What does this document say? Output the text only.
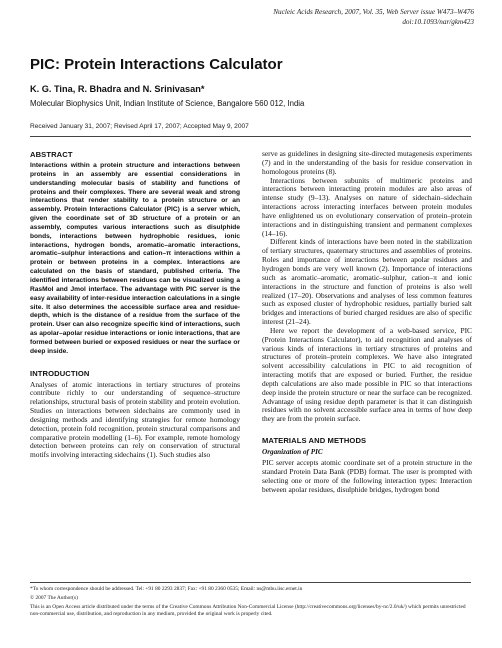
Nucleic Acids Research, 2007, Vol. 35, Web Server issue W473–W476
doi:10.1093/nar/gkm423
PIC: Protein Interactions Calculator
K. G. Tina, R. Bhadra and N. Srinivasan*
Molecular Biophysics Unit, Indian Institute of Science, Bangalore 560 012, India
Received January 31, 2007; Revised April 17, 2007; Accepted May 9, 2007

ABSTRACT

Interactions within a protein structure and interactions between proteins in an assembly are essential considerations in understanding molecular basis of stability and functions of proteins and their complexes. There are several weak and strong interactions that render stability to a protein structure or an assembly. Protein Interactions Calculator (PIC) is a server which, given the coordinate set of 3D structure of a protein or an assembly, computes various interactions such as disulphide bonds, interactions between hydrophobic residues, ionic interactions, hydrogen bonds, aromatic–aromatic interactions, aromatic–sulphur interactions and cation–π interactions within a protein or between proteins in a complex. Interactions are calculated on the basis of standard, published criteria. The identified interactions between residues can be visualized using a RasMol and Jmol interface. The advantage with PIC server is the easy availability of inter-residue interaction calculations in a single site. It also determines the accessible surface area and residue-depth, which is the distance of a residue from the surface of the protein. User can also recognize specific kind of interactions, such as apolar–apolar residue interactions or ionic interactions, that are formed between buried or exposed residues or near the surface or deep inside.

INTRODUCTION

Analyses of atomic interactions in tertiary structures of proteins contribute richly to our understanding of sequence–structure relationships, structural basis of protein stability and protein evolution. Studies on interactions between sidechains are commonly used in designing methods and identifying strategies for remote homology detection, protein fold recognition, protein structural comparisons and comparative protein modelling (1–6). For example, remote homology detection between proteins can rely on conservation of structural motifs involving interacting sidechains (1). Such studies also

serve as guidelines in designing site-directed mutagenesis experiments (7) and in the understanding of the basis for residue conservation in homologous proteins (8).

Interactions between subunits of multimeric proteins and interactions between interacting protein modules are also areas of intense study (9–13). Analyses on nature of sidechain–sidechain interactions across interacting interfaces between protein modules have enlightened us on evolutionary conservation of protein–protein interactions and in distinguishing transient and permanent complexes (14–16).

Different kinds of interactions have been noted in the stabilization of tertiary structures, quaternary structures and assemblies of proteins. Roles and importance of interactions between apolar residues and hydrogen bonds are very well known (2). Importance of interactions such as aromatic–aromatic, aromatic–sulphur, cation–π and ionic interactions in the structure and function of proteins is also well realized (17–20). Observations and analyses of less common features such as exposed cluster of hydrophobic residues, partially buried salt bridges and interactions of buried charged residues are also of specific interest (21–24).

Here we report the development of a web-based service, PIC (Protein Interactions Calculator), to aid recognition and analyses of various kinds of interactions in tertiary structures of proteins and structures of protein–protein complexes. We have also integrated solvent accessibility calculations in PIC to aid recognition of interacting motifs that are exposed or buried. Further, the residue depth calculations are also made possible in PIC so that interactions deep inside the protein structure or near the surface can be recognized. Advantage of using residue depth parameter is that it can distinguish residues with no solvent accessible surface area in terms of how deep they are from the protein surface.

MATERIALS AND METHODS

Organization of PIC

PIC server accepts atomic coordinate set of a protein structure in the standard Protein Data Bank (PDB) format. The user is prompted with selecting one or more of the following interaction types: Interaction between apolar residues, disulphide bridges, hydrogen bond

*To whom correspondence should be addressed. Tel: +91 80 2293 2837; Fax: +91 80 2360 0535; Email: ns@mbu.iisc.ernet.in

© 2007 The Author(s)

This is an Open Access article distributed under the terms of the Creative Commons Attribution Non-Commercial License (http://creativecommons.org/licenses/by-nc/2.0/uk/) which permits unrestricted non-commercial use, distribution, and reproduction in any medium, provided the original work is properly cited.
